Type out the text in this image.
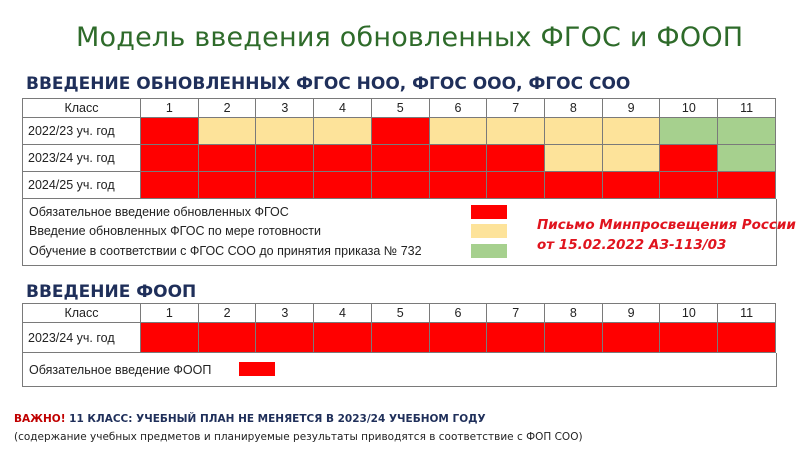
Модель введения обновленных ФГОС и ФООП
ВВЕДЕНИЕ ОБНОВЛЕННЫХ ФГОС НОО, ФГОС ООО, ФГОС СОО
Класс	1	2	3	4	5	6	7	8	9	10	11
2022/23 уч. год											
2023/24 уч. год											
2024/25 уч. год											
Обязательное введение обновленных ФГОС
Введение обновленных ФГОС по мере готовности
Обучение в соответствии с ФГОС СОО до принятия приказа № 732
Письмо Минпросвещения России
от 15.02.2022 АЗ-113/03
ВВЕДЕНИЕ ФООП
Класс	1	2	3	4	5	6	7	8	9	10	11
2023/24 уч. год											
Обязательное введение ФООП
ВАЖНО! 11 КЛАСС: УЧЕБНЫЙ ПЛАН НЕ МЕНЯЕТСЯ В 2023/24 УЧЕБНОМ ГОДУ
(содержание учебных предметов и планируемые результаты приводятся в соответствие с ФОП СОО)
